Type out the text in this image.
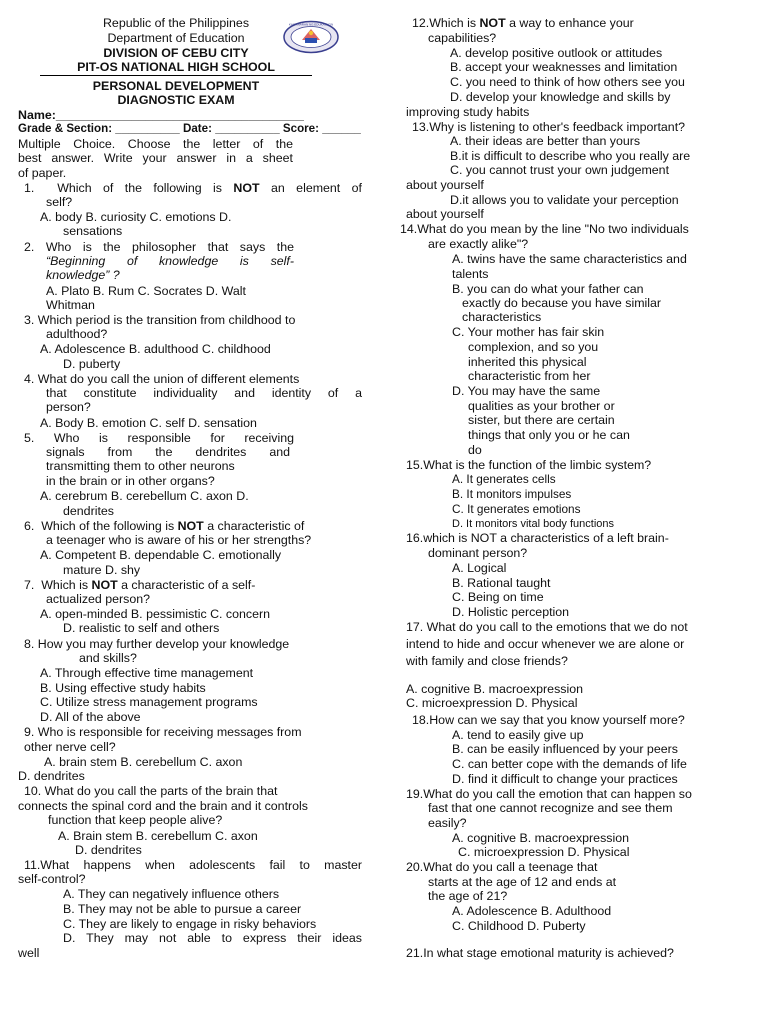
Republic of the Philippines
Department of Education
DIVISION OF CEBU CITY
PIT-OS NATIONAL HIGH SCHOOL
PERSONAL DEVELOPMENT
DIAGNOSTIC EXAM
KAGAWARAN NG EDUKASYON
Name:____________________________________
Grade & Section: __________ Date: __________ Score: ______
Multiple Choice. Choose the letter of the
best answer. Write your answer in a sheet
of paper.
1. Which of the following is NOT an element of
self?
A. body B. curiosity C. emotions D.
sensations
2. Who is the philosopher that says the
“Beginning of knowledge is self-
knowledge” ?
A. Plato B. Rum C. Socrates D. Walt
Whitman
3. Which period is the transition from childhood to
adulthood?
A. Adolescence B. adulthood C. childhood
D. puberty
4. What do you call the union of different elements
that constitute individuality and identity of a
person?
A. Body B. emotion C. self D. sensation
5. Who is responsible for receiving
signals from the dendrites and
transmitting them to other neurons
in the brain or in other organs?
A. cerebrum B. cerebellum C. axon D.
dendrites
6. Which of the following is NOT a characteristic of
a teenager who is aware of his or her strengths?
A. Competent B. dependable C. emotionally
mature D. shy
7. Which is NOT a characteristic of a self-
actualized person?
A. open-minded B. pessimistic C. concern
D. realistic to self and others
8. How you may further develop your knowledge
and skills?
A. Through effective time management
B. Using effective study habits
C. Utilize stress management programs
D. All of the above
9. Who is responsible for receiving messages from
other nerve cell?
A. brain stem B. cerebellum C. axon
D. dendrites
10. What do you call the parts of the brain that
connects the spinal cord and the brain and it controls
function that keep people alive?
A. Brain stem B. cerebellum C. axon
D. dendrites
11.What happens when adolescents fail to master
self-control?
A. They can negatively influence others
B. They may not be able to pursue a career
C. They are likely to engage in risky behaviors
D. They may not able to express their ideas
well
12.Which is NOT a way to enhance your
capabilities?
A. develop positive outlook or attitudes
B. accept your weaknesses and limitation
C. you need to think of how others see you
D. develop your knowledge and skills by
improving study habits
13.Why is listening to other's feedback important?
A. their ideas are better than yours
B.it is difficult to describe who you really are
C. you cannot trust your own judgement
about yourself
D.it allows you to validate your perception
about yourself
14.What do you mean by the line "No two individuals
are exactly alike"?
A. twins have the same characteristics and
talents
B. you can do what your father can
exactly do because you have similar
characteristics
C. Your mother has fair skin
complexion, and so you
inherited this physical
characteristic from her
D. You may have the same
qualities as your brother or
sister, but there are certain
things that only you or he can
do
15.What is the function of the limbic system?
A. It generates cells
B. It monitors impulses
C. It generates emotions
D. It monitors vital body functions
16.which is NOT a characteristics of a left brain-
dominant person?
A. Logical
B. Rational taught
C. Being on time
D. Holistic perception
17. What do you call to the emotions that we do not
intend to hide and occur whenever we are alone or
with family and close friends?
A. cognitive B. macroexpression
C. microexpression D. Physical
18.How can we say that you know yourself more?
A. tend to easily give up
B. can be easily influenced by your peers
C. can better cope with the demands of life
D. find it difficult to change your practices
19.What do you call the emotion that can happen so
fast that one cannot recognize and see them
easily?
A. cognitive B. macroexpression
C. microexpression D. Physical
20.What do you call a teenage that
starts at the age of 12 and ends at
the age of 21?
A. Adolescence B. Adulthood
C. Childhood D. Puberty
21.In what stage emotional maturity is achieved?
